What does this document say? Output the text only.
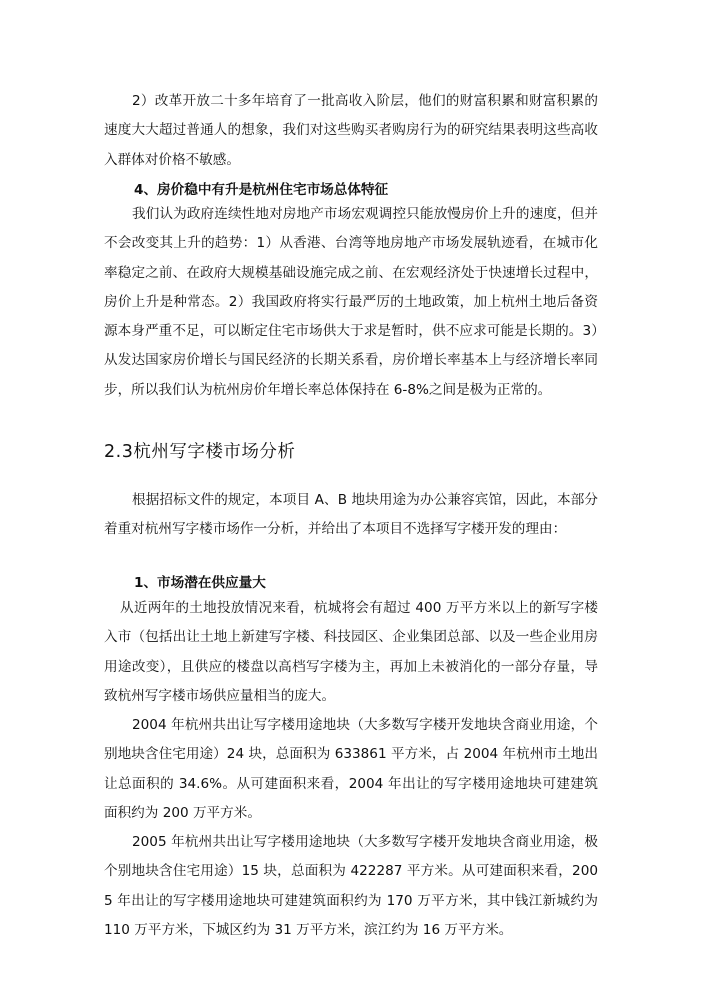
2）改革开放二十多年培育了一批高收入阶层，他们的财富积累和财富积累的速度大大超过普通人的想象，我们对这些购买者购房行为的研究结果表明这些高收入群体对价格不敏感。

4、房价稳中有升是杭州住宅市场总体特征

我们认为政府连续性地对房地产市场宏观调控只能放慢房价上升的速度，但并不会改变其上升的趋势：1）从香港、台湾等地房地产市场发展轨迹看，在城市化率稳定之前、在政府大规模基础设施完成之前、在宏观经济处于快速增长过程中，房价上升是种常态。2）我国政府将实行最严厉的土地政策，加上杭州土地后备资源本身严重不足，可以断定住宅市场供大于求是暂时，供不应求可能是长期的。3）从发达国家房价增长与国民经济的长期关系看，房价增长率基本上与经济增长率同步，所以我们认为杭州房价年增长率总体保持在 6-8%之间是极为正常的。

2.3杭州写字楼市场分析

根据招标文件的规定，本项目 A、B 地块用途为办公兼容宾馆，因此，本部分着重对杭州写字楼市场作一分析，并给出了本项目不选择写字楼开发的理由：

1、市场潜在供应量大

从近两年的土地投放情况来看，杭城将会有超过 400 万平方米以上的新写字楼入市（包括出让土地上新建写字楼、科技园区、企业集团总部、以及一些企业用房用途改变），且供应的楼盘以高档写字楼为主，再加上未被消化的一部分存量，导致杭州写字楼市场供应量相当的庞大。

2004 年杭州共出让写字楼用途地块（大多数写字楼开发地块含商业用途，个别地块含住宅用途）24 块，总面积为 633861 平方米，占 2004 年杭州市土地出让总面积的 34.6%。从可建面积来看，2004 年出让的写字楼用途地块可建建筑面积约为 200 万平方米。

2005 年杭州共出让写字楼用途地块（大多数写字楼开发地块含商业用途，极个别地块含住宅用途）15 块，总面积为 422287 平方米。从可建面积来看，2005 年出让的写字楼用途地块可建建筑面积约为 170 万平方米，其中钱江新城约为 110 万平方米，下城区约为 31 万平方米，滨江约为 16 万平方米。
